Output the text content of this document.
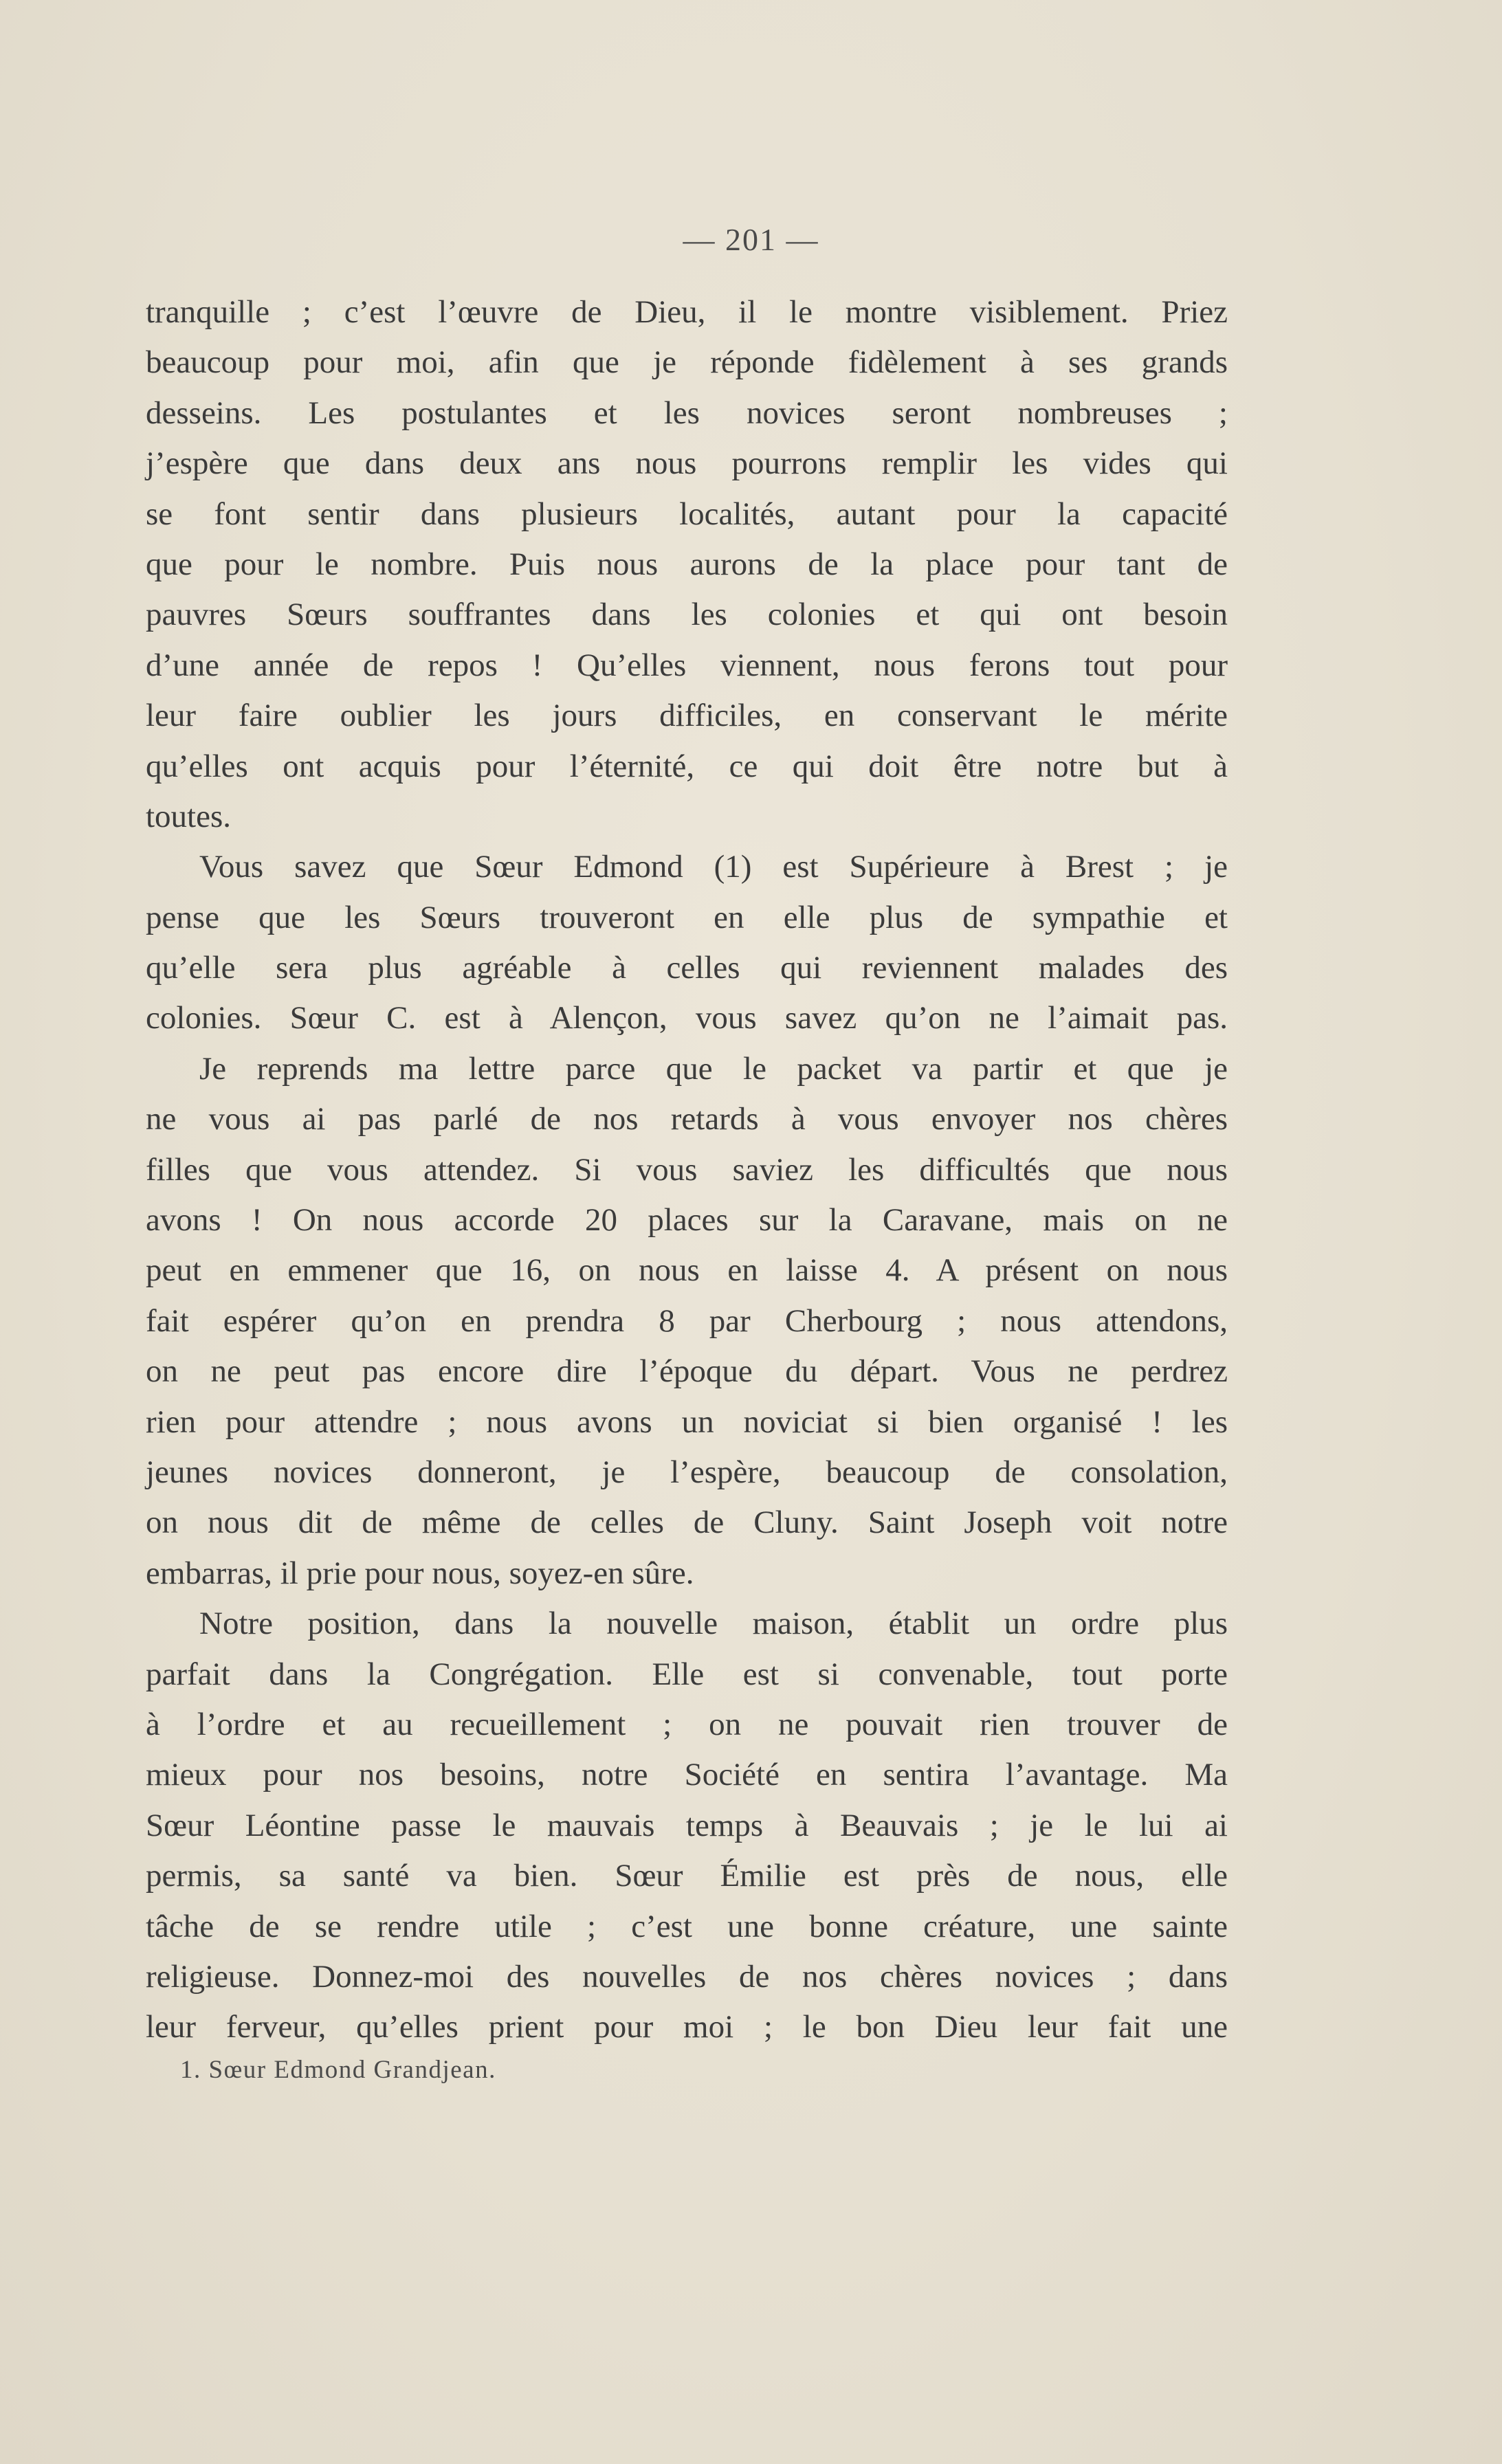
— 201 —
tranquille ; c’est l’œuvre de Dieu, il le montre visiblement. Priez
beaucoup pour moi, afin que je réponde fidèlement à ses grands
desseins. Les postulantes et les novices seront nombreuses ;
j’espère que dans deux ans nous pourrons remplir les vides qui
se font sentir dans plusieurs localités, autant pour la capacité
que pour le nombre. Puis nous aurons de la place pour tant de
pauvres Sœurs souffrantes dans les colonies et qui ont besoin
d’une année de repos ! Qu’elles viennent, nous ferons tout pour
leur faire oublier les jours difficiles, en conservant le mérite
qu’elles ont acquis pour l’éternité, ce qui doit être notre but à
toutes.
Vous savez que Sœur Edmond (1) est Supérieure à Brest ; je
pense que les Sœurs trouveront en elle plus de sympathie et
qu’elle sera plus agréable à celles qui reviennent malades des
colonies. Sœur C. est à Alençon, vous savez qu’on ne l’aimait pas.
Je reprends ma lettre parce que le packet va partir et que je
ne vous ai pas parlé de nos retards à vous envoyer nos chères
filles que vous attendez. Si vous saviez les difficultés que nous
avons ! On nous accorde 20 places sur la Caravane, mais on ne
peut en emmener que 16, on nous en laisse 4. A présent on nous
fait espérer qu’on en prendra 8 par Cherbourg ; nous attendons,
on ne peut pas encore dire l’époque du départ. Vous ne perdrez
rien pour attendre ; nous avons un noviciat si bien organisé ! les
jeunes novices donneront, je l’espère, beaucoup de consolation,
on nous dit de même de celles de Cluny. Saint Joseph voit notre
embarras, il prie pour nous, soyez-en sûre.
Notre position, dans la nouvelle maison, établit un ordre plus
parfait dans la Congrégation. Elle est si convenable, tout porte
à l’ordre et au recueillement ; on ne pouvait rien trouver de
mieux pour nos besoins, notre Société en sentira l’avantage. Ma
Sœur Léontine passe le mauvais temps à Beauvais ; je le lui ai
permis, sa santé va bien. Sœur Émilie est près de nous, elle
tâche de se rendre utile ; c’est une bonne créature, une sainte
religieuse. Donnez-moi des nouvelles de nos chères novices ; dans
leur ferveur, qu’elles prient pour moi ; le bon Dieu leur fait une
1. Sœur Edmond Grandjean.
